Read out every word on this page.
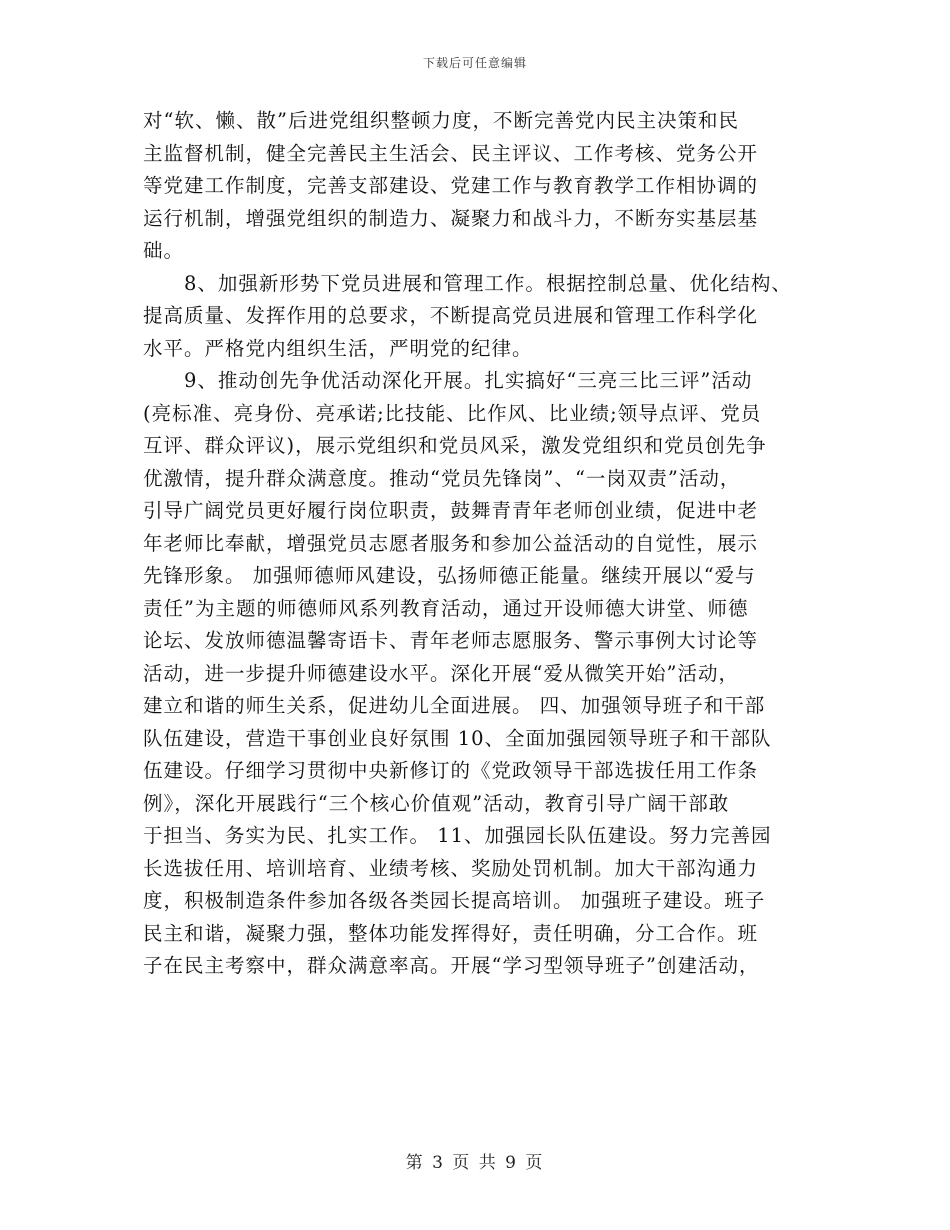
下载后可任意编辑
对“软、懒、散”后进党组织整顿力度，不断完善党内民主决策和民
主监督机制，健全完善民主生活会、民主评议、工作考核、党务公开
等党建工作制度，完善支部建设、党建工作与教育教学工作相协调的
运行机制，增强党组织的制造力、凝聚力和战斗力，不断夯实基层基
础。
　　8、加强新形势下党员进展和管理工作。根据控制总量、优化结构、
提高质量、发挥作用的总要求，不断提高党员进展和管理工作科学化
水平。严格党内组织生活，严明党的纪律。
　　9、推动创先争优活动深化开展。扎实搞好“三亮三比三评”活动
(亮标准、亮身份、亮承诺;比技能、比作风、比业绩;领导点评、党员
互评、群众评议)，展示党组织和党员风采，激发党组织和党员创先争
优激情，提升群众满意度。推动“党员先锋岗”、“一岗双责”活动，
引导广阔党员更好履行岗位职责，鼓舞青青年老师创业绩，促进中老
年老师比奉献，增强党员志愿者服务和参加公益活动的自觉性，展示
先锋形象。 加强师德师风建设，弘扬师德正能量。继续开展以“爱与
责任”为主题的师德师风系列教育活动，通过开设师德大讲堂、师德
论坛、发放师德温馨寄语卡、青年老师志愿服务、警示事例大讨论等
活动，进一步提升师德建设水平。深化开展“爱从微笑开始”活动，
建立和谐的师生关系，促进幼儿全面进展。 四、加强领导班子和干部
队伍建设，营造干事创业良好氛围 10、全面加强园领导班子和干部队
伍建设。仔细学习贯彻中央新修订的《党政领导干部选拔任用工作条
例》，深化开展践行“三个核心价值观”活动，教育引导广阔干部敢
于担当、务实为民、扎实工作。 11、加强园长队伍建设。努力完善园
长选拔任用、培训培育、业绩考核、奖励处罚机制。加大干部沟通力
度，积极制造条件参加各级各类园长提高培训。 加强班子建设。班子
民主和谐，凝聚力强，整体功能发挥得好，责任明确，分工合作。班
子在民主考察中，群众满意率高。开展“学习型领导班子”创建活动，
第 3 页 共 9 页
